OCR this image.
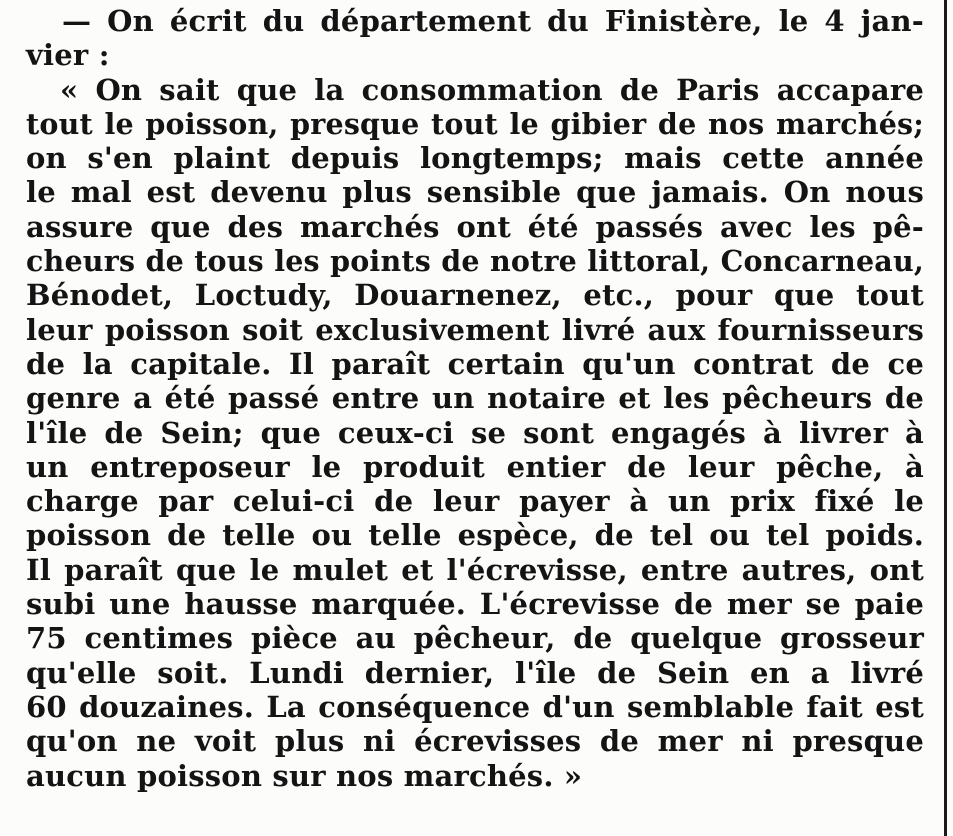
— On écrit du département du Finistère, le 4 jan-
vier :
« On sait que la consommation de Paris accapare
tout le poisson, presque tout le gibier de nos marchés;
on s'en plaint depuis longtemps; mais cette année
le mal est devenu plus sensible que jamais. On nous
assure que des marchés ont été passés avec les pê-
cheurs de tous les points de notre littoral, Concarneau,
Bénodet, Loctudy, Douarnenez, etc., pour que tout
leur poisson soit exclusivement livré aux fournisseurs
de la capitale. Il paraît certain qu'un contrat de ce
genre a été passé entre un notaire et les pêcheurs de
l'île de Sein; que ceux-ci se sont engagés à livrer à
un entreposeur le produit entier de leur pêche, à
charge par celui-ci de leur payer à un prix fixé le
poisson de telle ou telle espèce, de tel ou tel poids.
Il paraît que le mulet et l'écrevisse, entre autres, ont
subi une hausse marquée. L'écrevisse de mer se paie
75 centimes pièce au pêcheur, de quelque grosseur
qu'elle soit. Lundi dernier, l'île de Sein en a livré
60 douzaines. La conséquence d'un semblable fait est
qu'on ne voit plus ni écrevisses de mer ni presque
aucun poisson sur nos marchés. »
